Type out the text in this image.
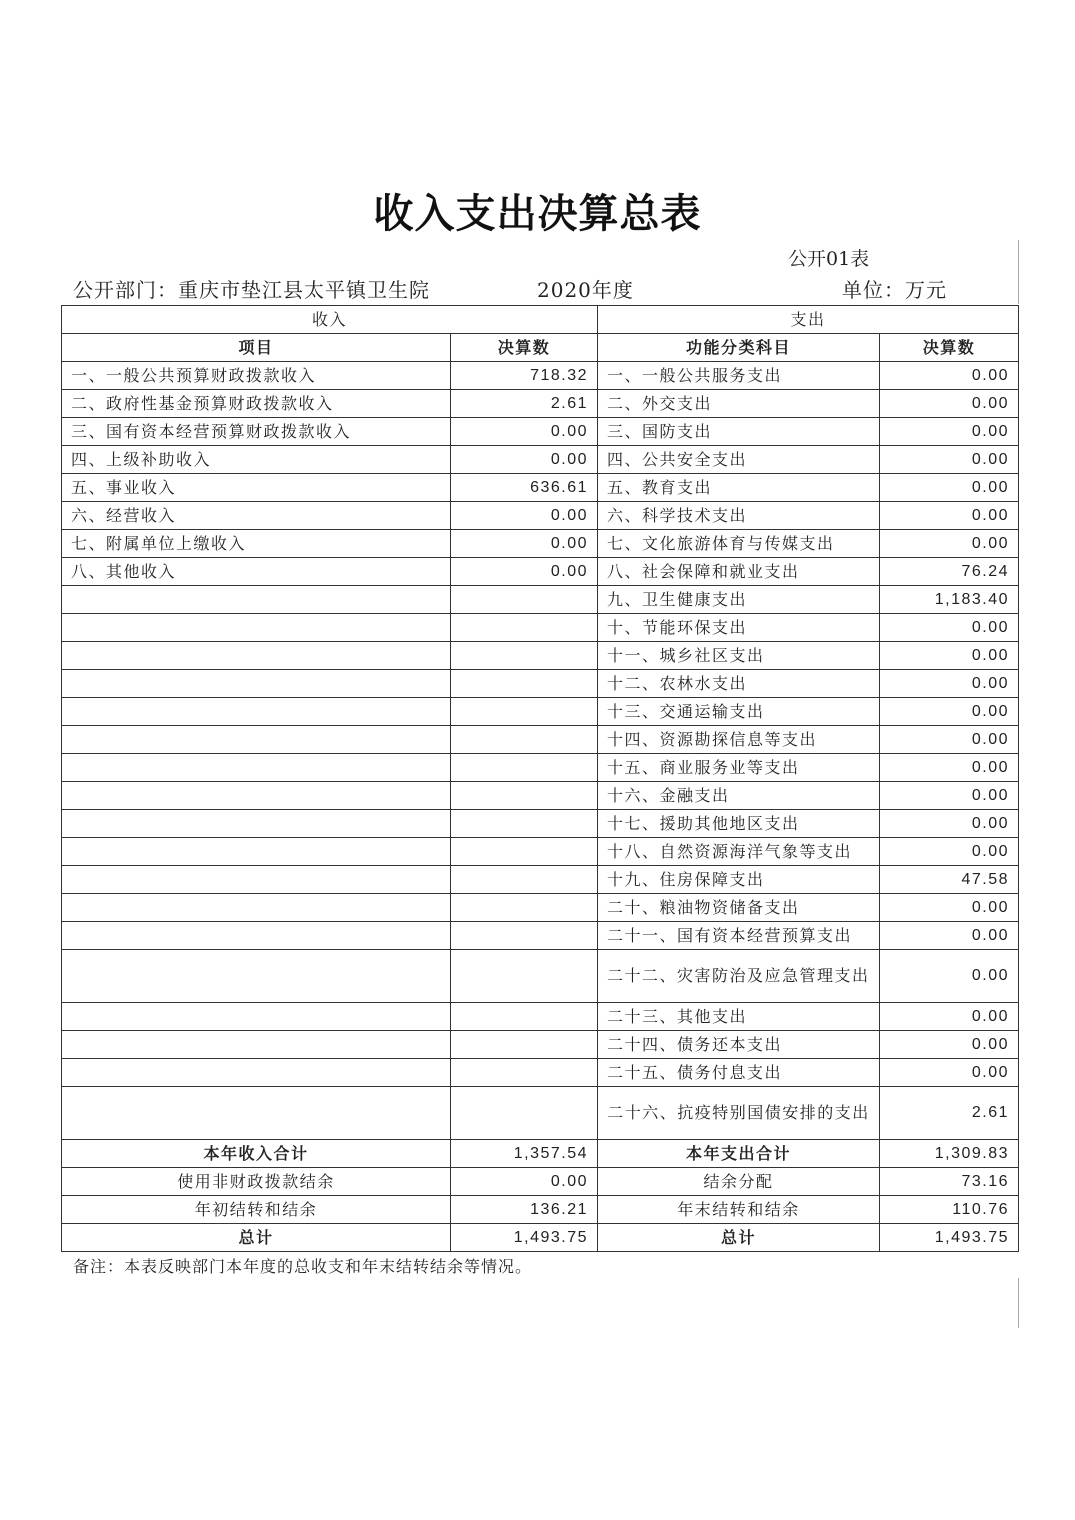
收入支出决算总表
公开01表
公开部门：重庆市垫江县太平镇卫生院	2020年度	单位：万元
收入		支出	
项目	决算数	功能分类科目	决算数
一、一般公共预算财政拨款收入	718.32	一、一般公共服务支出	0.00
二、政府性基金预算财政拨款收入	2.61	二、外交支出	0.00
三、国有资本经营预算财政拨款收入	0.00	三、国防支出	0.00
四、上级补助收入	0.00	四、公共安全支出	0.00
五、事业收入	636.61	五、教育支出	0.00
六、经营收入	0.00	六、科学技术支出	0.00
七、附属单位上缴收入	0.00	七、文化旅游体育与传媒支出	0.00
八、其他收入	0.00	八、社会保障和就业支出	76.24
		九、卫生健康支出	1,183.40
		十、节能环保支出	0.00
		十一、城乡社区支出	0.00
		十二、农林水支出	0.00
		十三、交通运输支出	0.00
		十四、资源勘探信息等支出	0.00
		十五、商业服务业等支出	0.00
		十六、金融支出	0.00
		十七、援助其他地区支出	0.00
		十八、自然资源海洋气象等支出	0.00
		十九、住房保障支出	47.58
		二十、粮油物资储备支出	0.00
		二十一、国有资本经营预算支出	0.00
		二十二、灾害防治及应急管理支出	0.00
		二十三、其他支出	0.00
		二十四、债务还本支出	0.00
		二十五、债务付息支出	0.00
		二十六、抗疫特别国债安排的支出	2.61
本年收入合计	1,357.54	本年支出合计	1,309.83
使用非财政拨款结余	0.00	结余分配	73.16
年初结转和结余	136.21	年末结转和结余	110.76
总计	1,493.75	总计	1,493.75
备注：本表反映部门本年度的总收支和年末结转结余等情况。
